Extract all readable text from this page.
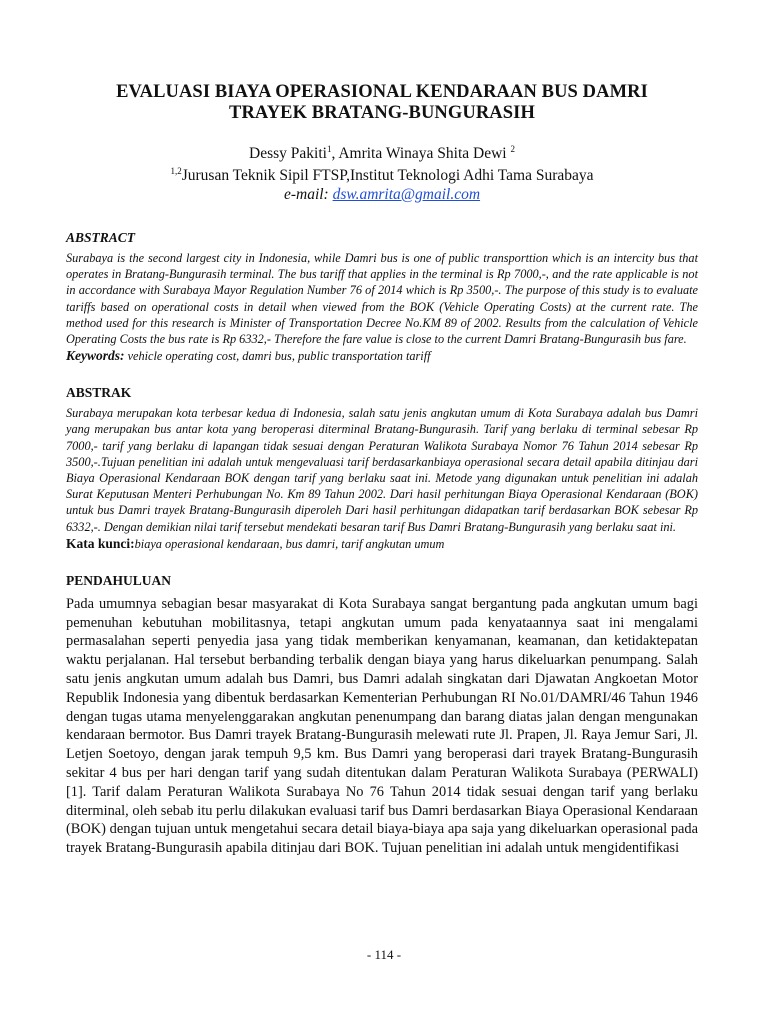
EVALUASI BIAYA OPERASIONAL KENDARAAN BUS DAMRI
TRAYEK BRATANG-BUNGURASIH
Dessy Pakiti$^1$, Amrita Winaya Shita Dewi $^2$
$^{1,2}$Jurusan Teknik Sipil FTSP,Institut Teknologi Adhi Tama Surabaya
e-mail: dsw.amrita@gmail.com
ABSTRACT

Surabaya is the second largest city in Indonesia, while Damri bus is one of public transporttion which is an intercity bus that operates in Bratang-Bungurasih terminal. The bus tariff that applies in the terminal is Rp 7000,-, and the rate applicable is not in accordance with Surabaya Mayor Regulation Number 76 of 2014 which is Rp 3500,-. The purpose of this study is to evaluate tariffs based on operational costs in detail when viewed from the BOK (Vehicle Operating Costs) at the current rate. The method used for this research is Minister of Transportation Decree No.KM 89 of 2002. Results from the calculation of Vehicle Operating Costs the bus rate is Rp 6332,- Therefore the fare value is close to the current Damri Bratang-Bungurasih bus fare.

Keywords: vehicle operating cost, damri bus, public transportation tariff
ABSTRAK

Surabaya merupakan kota terbesar kedua di Indonesia, salah satu jenis angkutan umum di Kota Surabaya adalah bus Damri yang merupakan bus antar kota yang beroperasi diterminal Bratang-Bungurasih. Tarif yang berlaku di terminal sebesar Rp 7000,- tarif yang berlaku di lapangan tidak sesuai dengan Peraturan Walikota Surabaya Nomor 76 Tahun 2014 sebesar Rp 3500,-.Tujuan penelitian ini adalah untuk mengevaluasi tarif berdasarkanbiaya operasional secara detail apabila ditinjau dari Biaya Operasional Kendaraan BOK dengan tarif yang berlaku saat ini. Metode yang digunakan untuk penelitian ini adalah Surat Keputusan Menteri Perhubungan No. Km 89 Tahun 2002. Dari hasil perhitungan Biaya Operasional Kendaraan (BOK) untuk bus Damri trayek Bratang-Bungurasih diperoleh Dari hasil perhitungan didapatkan tarif berdasarkan BOK sebesar Rp 6332,-. Dengan demikian nilai tarif tersebut mendekati besaran tarif Bus Damri Bratang-Bungurasih yang berlaku saat ini.

Kata kunci:biaya operasional kendaraan, bus damri, tarif angkutan umum
PENDAHULUAN

Pada umumnya sebagian besar masyarakat di Kota Surabaya sangat bergantung pada angkutan umum bagi pemenuhan kebutuhan mobilitasnya, tetapi angkutan umum pada kenyataannya saat ini mengalami permasalahan seperti penyedia jasa yang tidak memberikan kenyamanan, keamanan, dan ketidaktepatan waktu perjalanan. Hal tersebut berbanding terbalik dengan biaya yang harus dikeluarkan penumpang. Salah satu jenis angkutan umum adalah bus Damri, bus Damri adalah singkatan dari Djawatan Angkoetan Motor Republik Indonesia yang dibentuk berdasarkan Kementerian Perhubungan RI No.01/DAMRI/46 Tahun 1946 dengan tugas utama menyelenggarakan angkutan penenumpang dan barang diatas jalan dengan mengunakan kendaraan bermotor. Bus Damri trayek Bratang-Bungurasih melewati rute Jl. Prapen, Jl. Raya Jemur Sari, Jl. Letjen Soetoyo, dengan jarak tempuh 9,5 km. Bus Damri yang beroperasi dari trayek Bratang-Bungurasih sekitar 4 bus per hari dengan tarif yang sudah ditentukan dalam Peraturan Walikota Surabaya (PERWALI) [1]. Tarif dalam Peraturan Walikota Surabaya No 76 Tahun 2014 tidak sesuai dengan tarif yang berlaku diterminal, oleh sebab itu perlu dilakukan evaluasi tarif bus Damri berdasarkan Biaya Operasional Kendaraan (BOK) dengan tujuan untuk mengetahui secara detail biaya-biaya apa saja yang dikeluarkan operasional pada trayek Bratang-Bungurasih apabila ditinjau dari BOK. Tujuan penelitian ini adalah untuk mengidentifikasi

- 114 -
